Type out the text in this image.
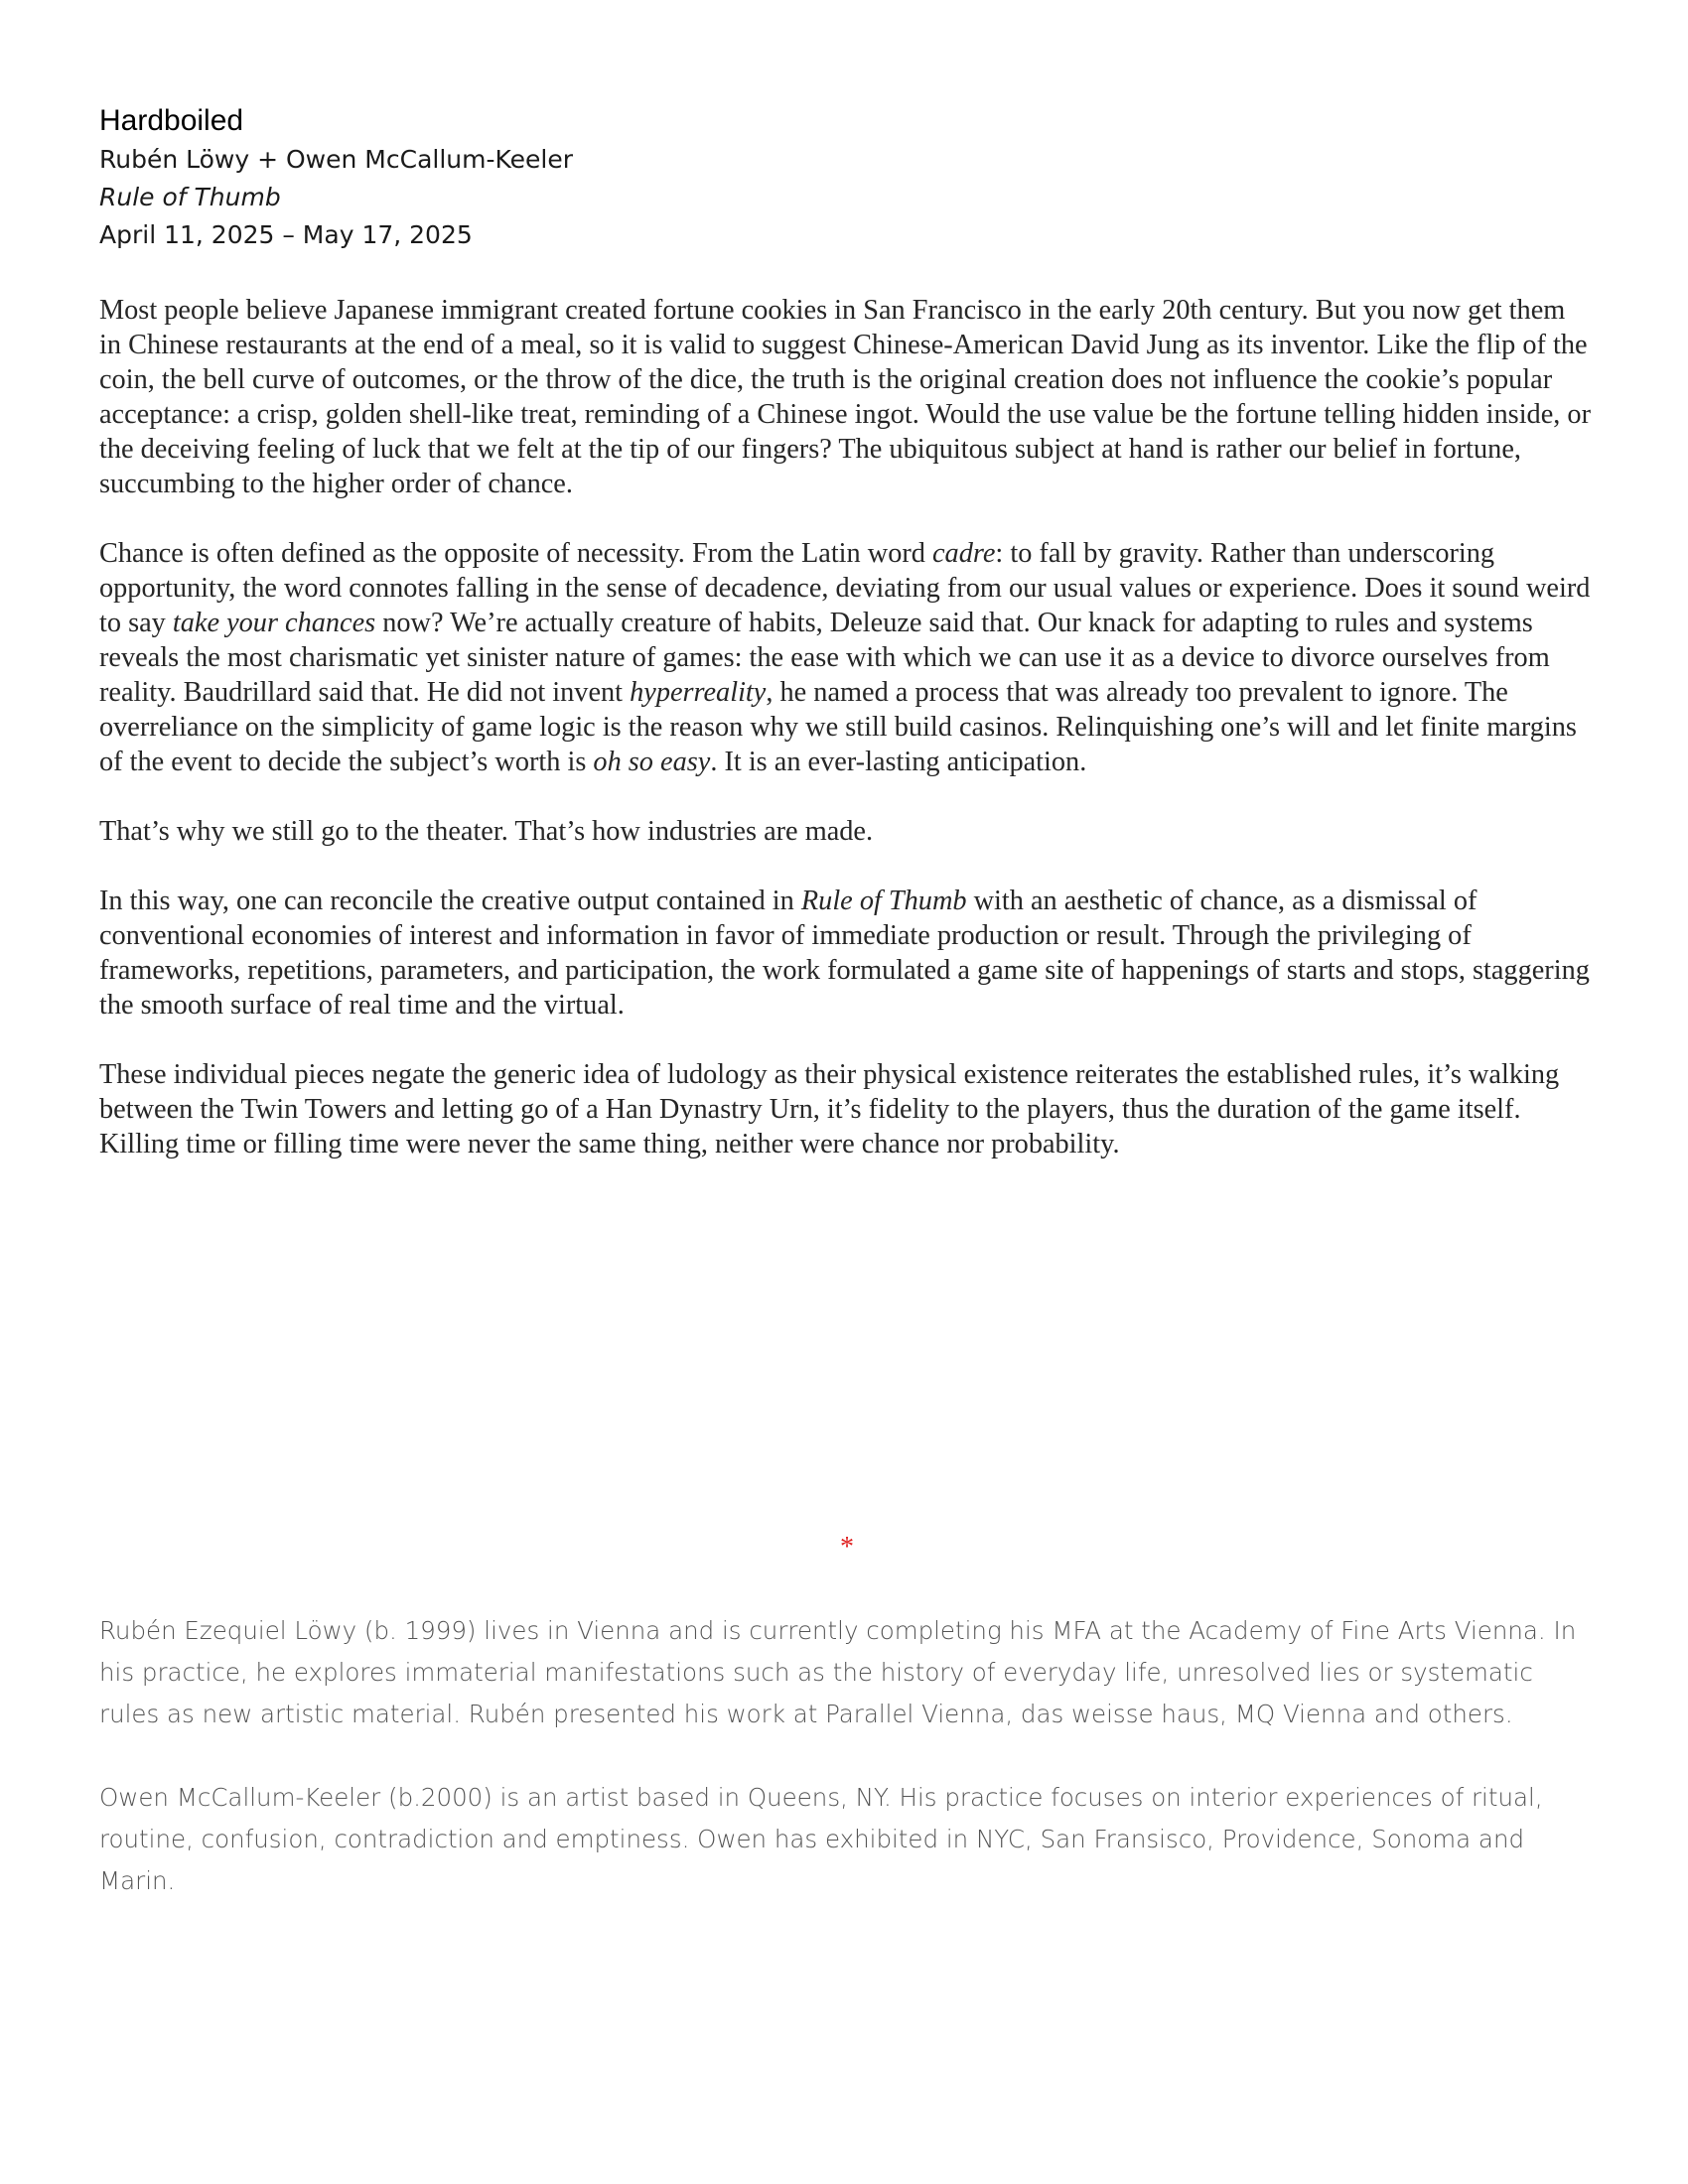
Hardboiled
Rubén Löwy + Owen McCallum-Keeler
Rule of Thumb
April 11, 2025 – May 17, 2025

Most people believe Japanese immigrant created fortune cookies in San Francisco in the early 20th century. But you now get them in Chinese restaurants at the end of a meal, so it is valid to suggest Chinese-American David Jung as its inventor. Like the flip of the coin, the bell curve of outcomes, or the throw of the dice, the truth is the original creation does not influence the cookie’s popular acceptance: a crisp, golden shell-like treat, reminding of a Chinese ingot. Would the use value be the fortune telling hidden inside, or the deceiving feeling of luck that we felt at the tip of our fingers? The ubiquitous subject at hand is rather our belief in fortune, succumbing to the higher order of chance.

Chance is often defined as the opposite of necessity. From the Latin word cadre: to fall by gravity. Rather than underscoring opportunity, the word connotes falling in the sense of decadence, deviating from our usual values or experience. Does it sound weird to say take your chances now? We’re actually creature of habits, Deleuze said that. Our knack for adapting to rules and systems reveals the most charismatic yet sinister nature of games: the ease with which we can use it as a device to divorce ourselves from reality. Baudrillard said that. He did not invent hyperreality, he named a process that was already too prevalent to ignore. The overreliance on the simplicity of game logic is the reason why we still build casinos. Relinquishing one’s will and let finite margins of the event to decide the subject’s worth is oh so easy. It is an ever-lasting anticipation.

That’s why we still go to the theater. That’s how industries are made.

In this way, one can reconcile the creative output contained in Rule of Thumb with an aesthetic of chance, as a dismissal of conventional economies of interest and information in favor of immediate production or result. Through the privileging of frameworks, repetitions, parameters, and participation, the work formulated a game site of happenings of starts and stops, staggering the smooth surface of real time and the virtual.

These individual pieces negate the generic idea of ludology as their physical existence reiterates the established rules, it’s walking between the Twin Towers and letting go of a Han Dynastry Urn, it’s fidelity to the players, thus the duration of the game itself. Killing time or filling time were never the same thing, neither were chance nor probability.

*

Rubén Ezequiel Löwy (b. 1999) lives in Vienna and is currently completing his MFA at the Academy of Fine Arts Vienna. In his practice, he explores immaterial manifestations such as the history of everyday life, unresolved lies or systematic rules as new artistic material. Rubén presented his work at Parallel Vienna, das weisse haus, MQ Vienna and others.

Owen McCallum-Keeler (b.2000) is an artist based in Queens, NY. His practice focuses on interior experiences of ritual, routine, confusion, contradiction and emptiness. Owen has exhibited in NYC, San Fransisco, Providence, Sonoma and Marin.
